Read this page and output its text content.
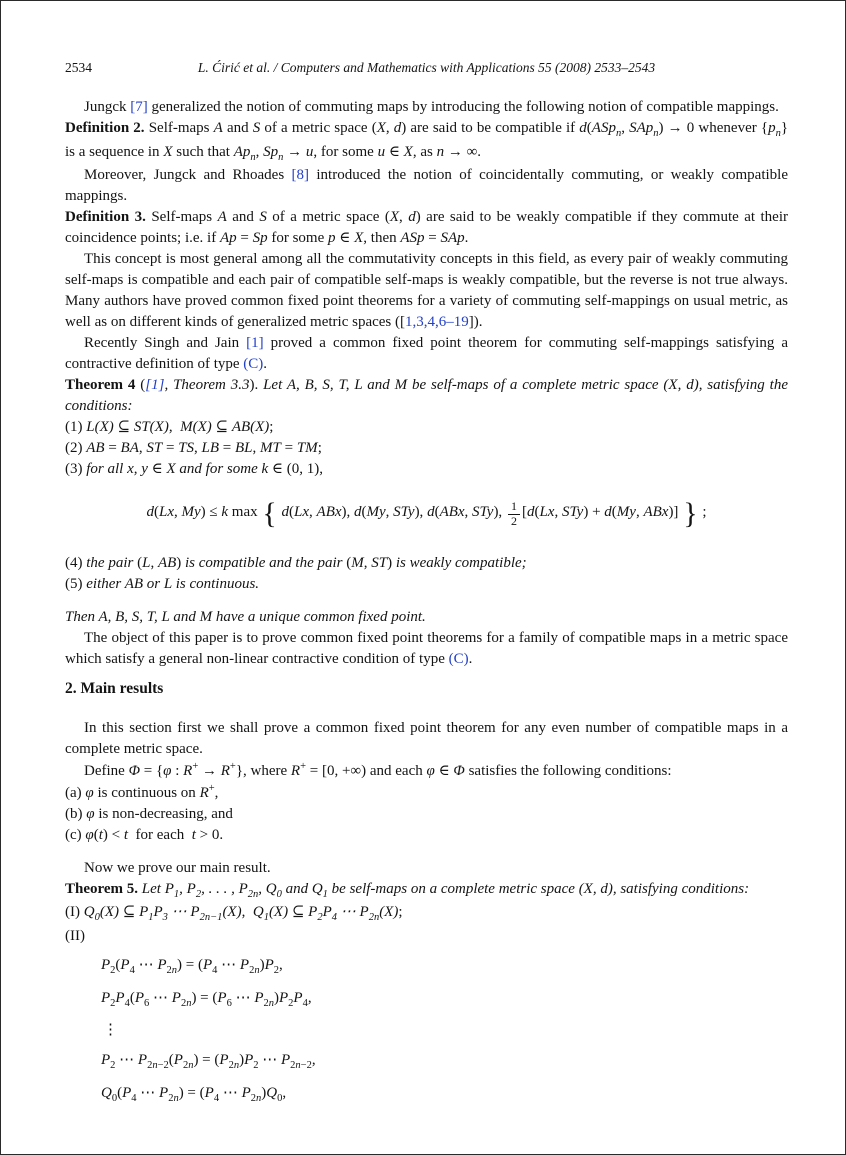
2534	L. Ćirić et al. / Computers and Mathematics with Applications 55 (2008) 2533–2543

Jungck [7] generalized the notion of commuting maps by introducing the following notion of compatible mappings.

Definition 2. Self-maps A and S of a metric space (X, d) are said to be compatible if d(ASp$_n$, SAp$_n$) → 0 whenever $\{p_n\}$ is a sequence in X such that $Ap_n$, $Sp_n \to u$, for some u ∈ X, as n → ∞.

Moreover, Jungck and Rhoades [8] introduced the notion of coincidentally commuting, or weakly compatible mappings.

Definition 3. Self-maps A and S of a metric space (X, d) are said to be weakly compatible if they commute at their coincidence points; i.e. if Ap = Sp for some p ∈ X, then ASp = SAp.

This concept is most general among all the commutativity concepts in this field, as every pair of weakly commuting self-maps is compatible and each pair of compatible self-maps is weakly compatible, but the reverse is not true always. Many authors have proved common fixed point theorems for a variety of commuting self-mappings on usual metric, as well as on different kinds of generalized metric spaces ([1,3,4,6–19]).

Recently Singh and Jain [1] proved a common fixed point theorem for commuting self-mappings satisfying a contractive definition of type (C).

Theorem 4 ([1], Theorem 3.3). Let A, B, S, T, L and M be self-maps of a complete metric space (X, d), satisfying the conditions:

(1) L(X) ⊆ ST(X),  M(X) ⊆ AB(X);
(2) AB = BA, ST = TS, LB = BL, MT = TM;
(3) for all x, y ∈ X and for some k ∈ (0, 1),
d(Lx, My) ≤ k max { d(Lx, ABx), d(My, STy), d(ABx, STy), $\frac{1}{2} [d(Lx$, STy) + d(My, ABx)] } ;
(4) the pair (L, AB) is compatible and the pair (M, ST) is weakly compatible;
(5) either AB or L is continuous.

Then A, B, S, T, L and M have a unique common fixed point.

The object of this paper is to prove common fixed point theorems for a family of compatible maps in a metric space which satisfy a general non-linear contractive condition of type (C).

2. Main results

In this section first we shall prove a common fixed point theorem for any even number of compatible maps in a complete metric space.

Define Φ = {φ : R+ → R+}, where R+ = [0, +∞) and each φ ∈ Φ satisfies the following conditions:

(a) φ is continuous on R+,
(b) φ is non-decreasing, and
(c) φ(t) < t  for each  t > 0.

Now we prove our main result.

Theorem 5. Let $P_1$, $P_2$, . . . , $P_{2n}$, $Q_0$ and $Q_1$ be self-maps on a complete metric space (X, d), satisfying conditions:

(I) $Q_0(X)$ ⊆ $P_1P_3$ ⋯ $P_{2n-1}(X)$,  $Q_1(X)$ ⊆ $P_2P_4$ ⋯ $P_{2n}(X)$;
(II)
$P_2(P_4$ ⋯ $P_{2n}) = (P_4$ ⋯ $P_{2n})P_2$,
$P_2P_4(P_6$ ⋯ $P_{2n}) = (P_6$ ⋯ $P_{2n})P_2P_4$,
⋮
$P_2$ ⋯ $P_{2n-2}(P_{2n}) = (P_{2n})P_2$ ⋯ $P_{2n-2}$,
$Q_0(P_4$ ⋯ $P_{2n}) = (P_4$ ⋯ $P_{2n})Q_0$,
